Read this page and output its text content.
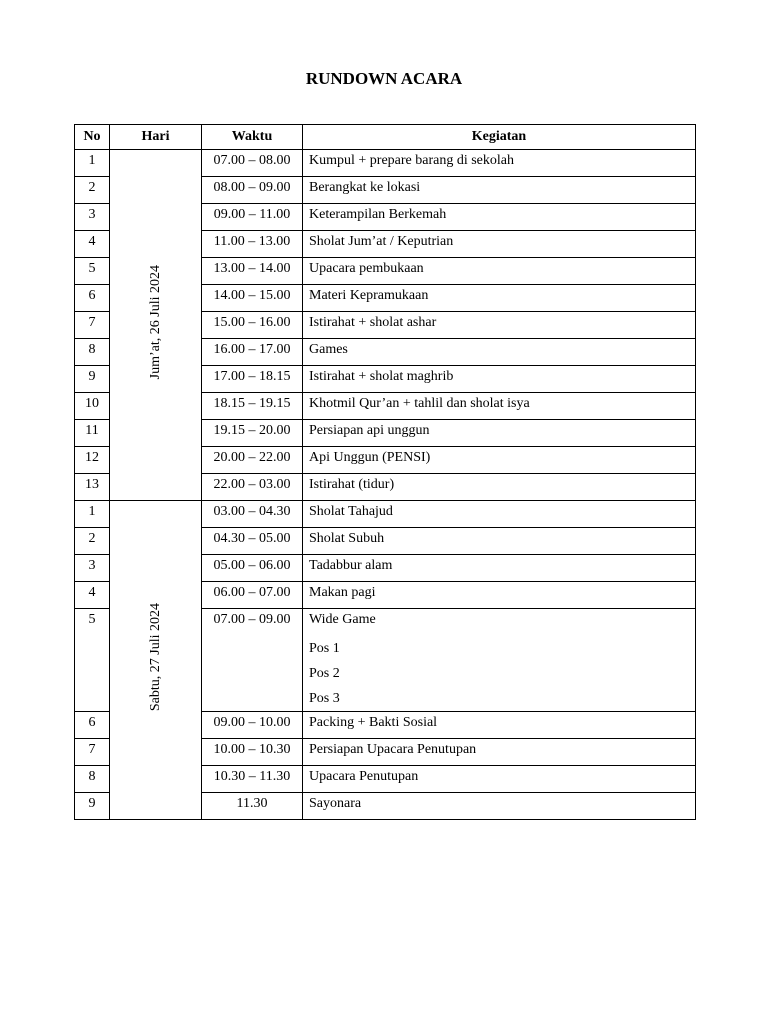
RUNDOWN ACARA
No	Hari	Waktu	Kegiatan
1	Jum’at, 26 Juli 2024	07.00 – 08.00	Kumpul + prepare barang di sekolah
2		08.00 – 09.00	Berangkat ke lokasi
3		09.00 – 11.00	Keterampilan Berkemah
4		11.00 – 13.00	Sholat Jum’at / Keputrian
5		13.00 – 14.00	Upacara pembukaan
6		14.00 – 15.00	Materi Kepramukaan
7		15.00 – 16.00	Istirahat + sholat ashar
8		16.00 – 17.00	Games
9		17.00 – 18.15	Istirahat + sholat maghrib
10		18.15 – 19.15	Khotmil Qur’an + tahlil dan sholat isya
11		19.15 – 20.00	Persiapan api unggun
12		20.00 – 22.00	Api Unggun (PENSI)
13		22.00 – 03.00	Istirahat (tidur)
1	Sabtu, 27 Juli 2024	03.00 – 04.30	Sholat Tahajud
2		04.30 – 05.00	Sholat Subuh
3		05.00 – 06.00	Tadabbur alam
4		06.00 – 07.00	Makan pagi
5		07.00 – 09.00	Wide Game
Pos 1
Pos 2
Pos 3

6		09.00 – 10.00	Packing + Bakti Sosial
7		10.00 – 10.30	Persiapan Upacara Penutupan
8		10.30 – 11.30	Upacara Penutupan
9		11.30	Sayonara
